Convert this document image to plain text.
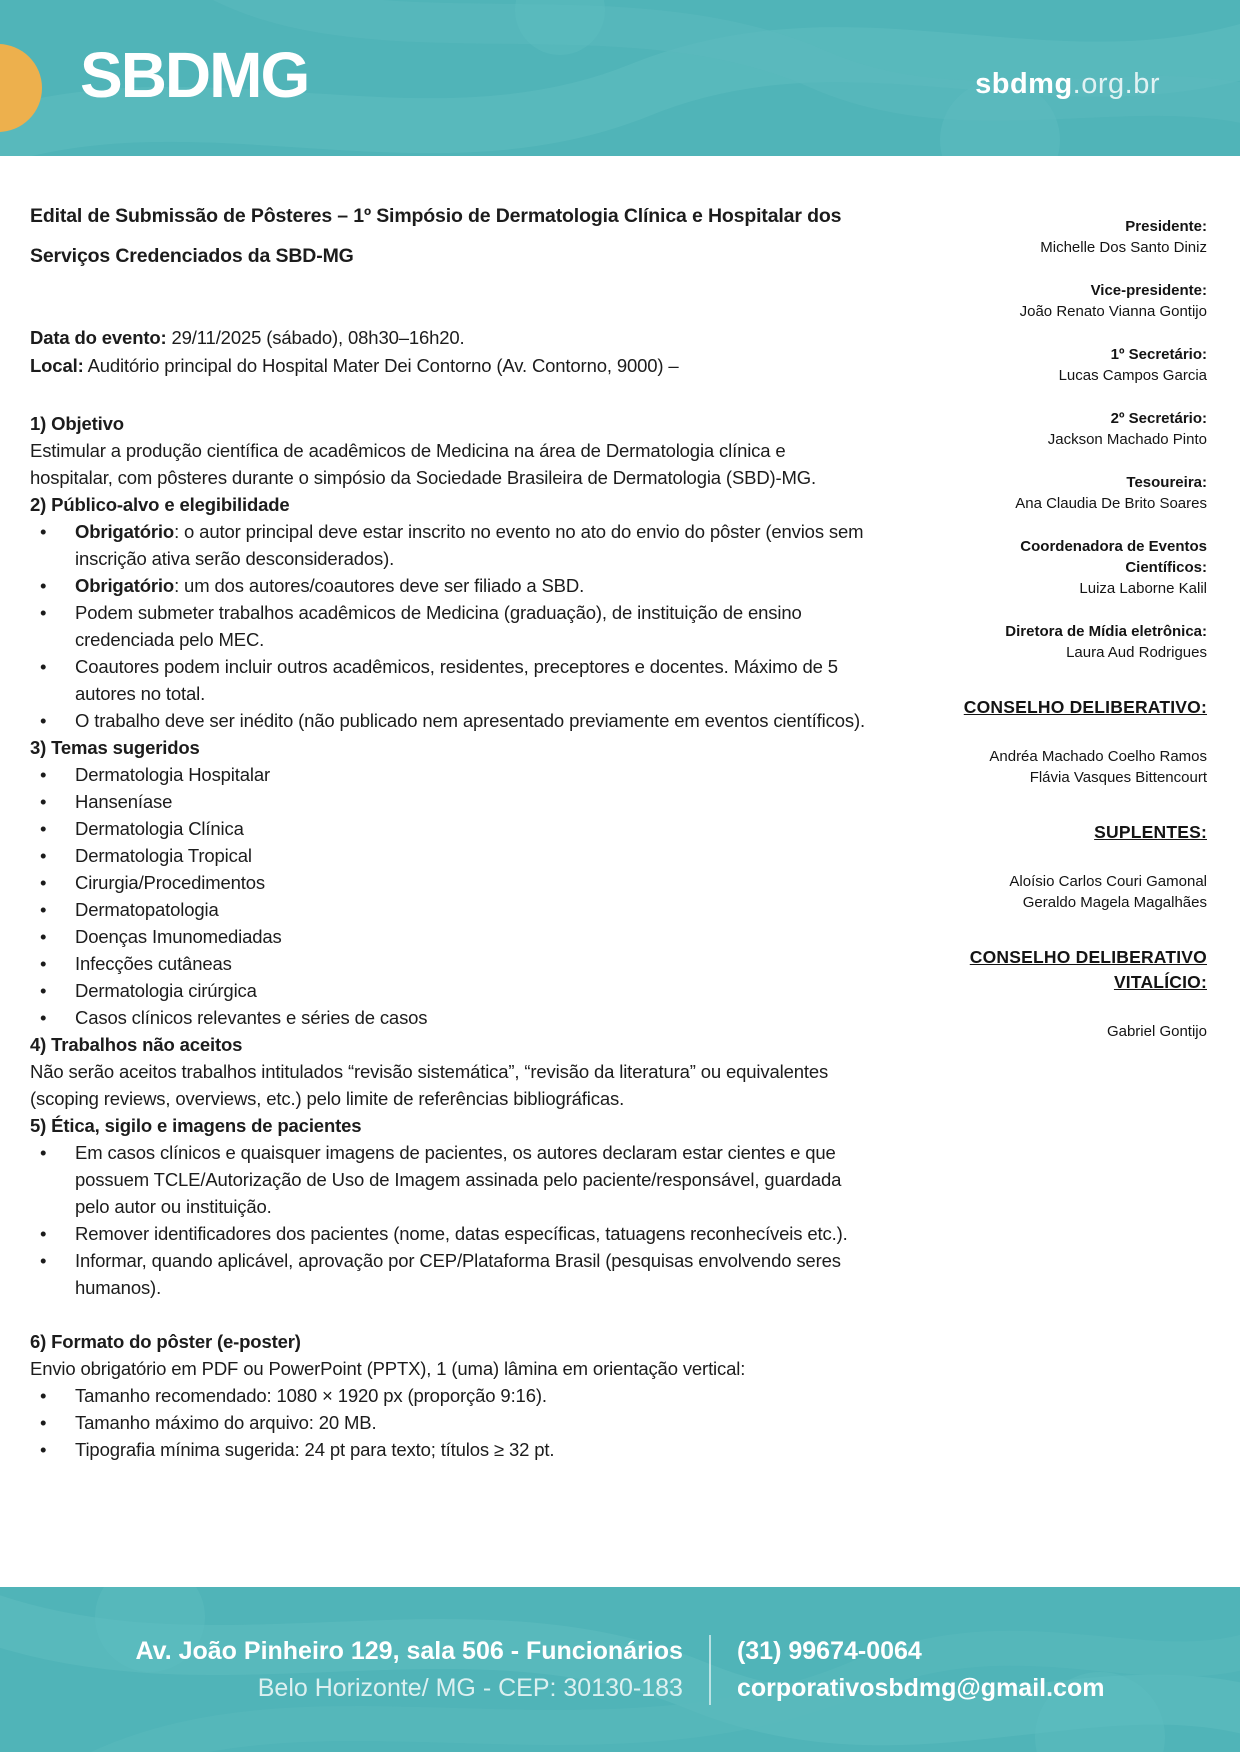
SBDMG	sbdmg.org.br

Edital de Submissão de Pôsteres – 1º Simpósio de Dermatologia Clínica e Hospitalar dos Serviços Credenciados da SBD-MG

Data do evento: 29/11/2025 (sábado), 08h30–16h20.
Local: Auditório principal do Hospital Mater Dei Contorno (Av. Contorno, 9000) –
1) Objetivo

Estimular a produção científica de acadêmicos de Medicina na área de Dermatologia clínica e hospitalar, com pôsteres durante o simpósio da Sociedade Brasileira de Dermatologia (SBD)-MG.

2) Público-alvo e elegibilidade
• Obrigatório: o autor principal deve estar inscrito no evento no ato do envio do pôster (envios sem inscrição ativa serão desconsiderados).
• Obrigatório: um dos autores/coautores deve ser filiado a SBD.
• Podem submeter trabalhos acadêmicos de Medicina (graduação), de instituição de ensino credenciada pelo MEC.
• Coautores podem incluir outros acadêmicos, residentes, preceptores e docentes. Máximo de 5 autores no total.
• O trabalho deve ser inédito (não publicado nem apresentado previamente em eventos científicos).
3) Temas sugeridos
• Dermatologia Hospitalar
• Hanseníase
• Dermatologia Clínica
• Dermatologia Tropical
• Cirurgia/Procedimentos
• Dermatopatologia
• Doenças Imunomediadas
• Infecções cutâneas
• Dermatologia cirúrgica
• Casos clínicos relevantes e séries de casos
4) Trabalhos não aceitos

Não serão aceitos trabalhos intitulados “revisão sistemática”, “revisão da literatura” ou equivalentes (scoping reviews, overviews, etc.) pelo limite de referências bibliográficas.

5) Ética, sigilo e imagens de pacientes
• Em casos clínicos e quaisquer imagens de pacientes, os autores declaram estar cientes e que possuem TCLE/Autorização de Uso de Imagem assinada pelo paciente/responsável, guardada pelo autor ou instituição.
• Remover identificadores dos pacientes (nome, datas específicas, tatuagens reconhecíveis etc.).
• Informar, quando aplicável, aprovação por CEP/Plataforma Brasil (pesquisas envolvendo seres humanos).
6) Formato do pôster (e-poster)

Envio obrigatório em PDF ou PowerPoint (PPTX), 1 (uma) lâmina em orientação vertical:

• Tamanho recomendado: 1080 × 1920 px (proporção 9:16).
• Tamanho máximo do arquivo: 20 MB.
• Tipografia mínima sugerida: 24 pt para texto; títulos ≥ 32 pt.
Presidente:
Michelle Dos Santo Diniz
Vice-presidente:
João Renato Vianna Gontijo
1º Secretário:
Lucas Campos Garcia
2º Secretário:
Jackson Machado Pinto
Tesoureira:
Ana Claudia De Brito Soares
Coordenadora de Eventos Científicos:
Luiza Laborne Kalil
Diretora de Mídia eletrônica:
Laura Aud Rodrigues
CONSELHO DELIBERATIVO:
Andréa Machado Coelho Ramos
Flávia Vasques Bittencourt
SUPLENTES:
Aloísio Carlos Couri Gamonal
Geraldo Magela Magalhães
CONSELHO DELIBERATIVO VITALÍCIO:
Gabriel Gontijo
Av. João Pinheiro 129, sala 506 - Funcionários
Belo Horizonte/ MG - CEP: 30130-183
(31) 99674-0064
corporativosbdmg@gmail.com
